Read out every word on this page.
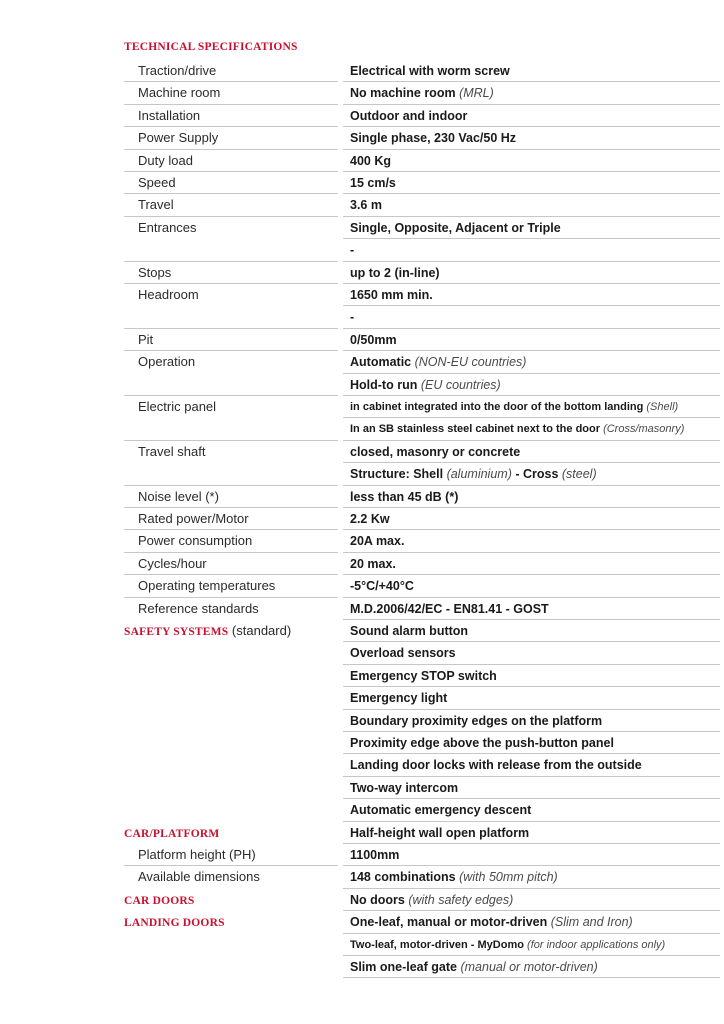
TECHNICAL SPECIFICATIONS
Traction/drive	Electrical with worm screw
Machine room	No machine room (MRL)
Installation	Outdoor and indoor
Power Supply	Single phase, 230 Vac/50 Hz
Duty load	400 Kg
Speed	15 cm/s
Travel	3.6 m
Entrances	Single, Opposite, Adjacent or Triple
-
Stops	up to 2 (in-line)
Headroom	1650 mm min.
-
Pit	0/50mm
Operation	Automatic (NON-EU countries)
Hold-to run (EU countries)
Electric panel	in cabinet integrated into the door of the bottom landing (Shell)
In an SB stainless steel cabinet next to the door (Cross/masonry)
Travel shaft	closed, masonry or concrete
Structure: Shell (aluminium) - Cross (steel)
Noise level (*)	less than 45 dB (*)
Rated power/Motor	2.2 Kw
Power consumption	20A max.
Cycles/hour	20 max.
Operating temperatures	-5°C/+40°C
Reference standards	M.D.2006/42/EC - EN81.41 - GOST
SAFETY SYSTEMS (standard)	Sound alarm button
Overload sensors
Emergency STOP switch
Emergency light
Boundary proximity edges on the platform
Proximity edge above the push-button panel
Landing door locks with release from the outside
Two-way intercom
Automatic emergency descent
CAR/PLATFORM	Half-height wall open platform
Platform height (PH)	1100mm
Available dimensions	148 combinations (with 50mm pitch)
CAR DOORS	No doors (with safety edges)
LANDING DOORS	One-leaf, manual or motor-driven (Slim and Iron)
Two-leaf, motor-driven - MyDomo (for indoor applications only)
Slim one-leaf gate (manual or motor-driven)
